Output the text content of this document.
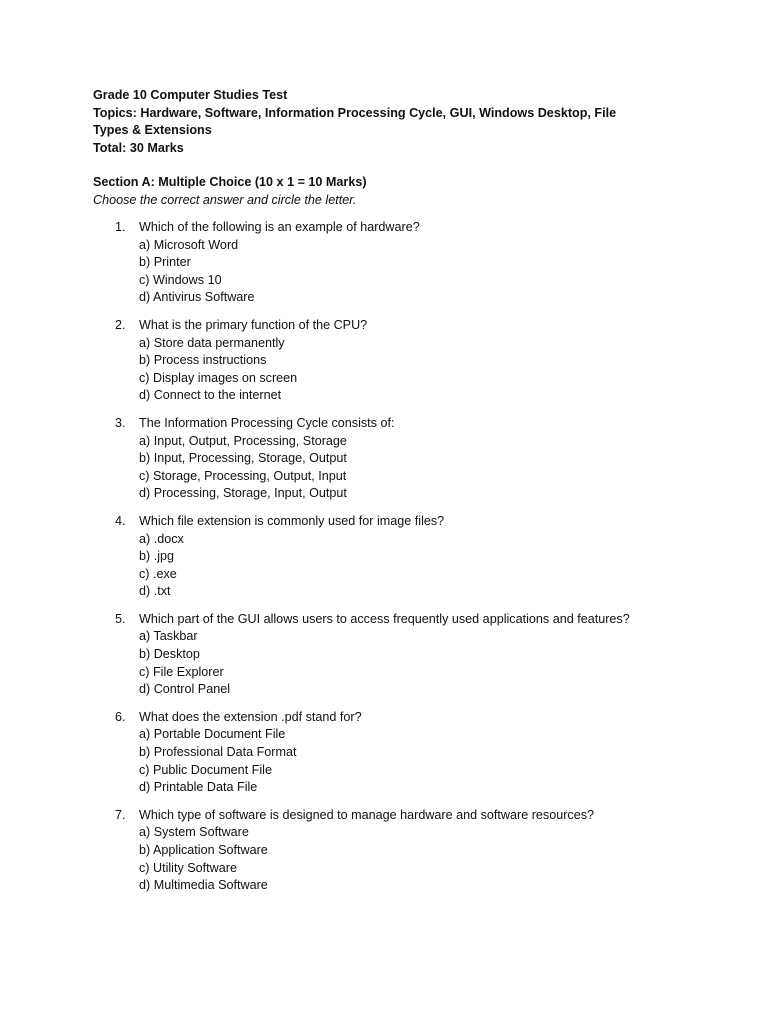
Grade 10 Computer Studies Test
Topics: Hardware, Software, Information Processing Cycle, GUI, Windows Desktop, File
Types & Extensions
Total: 30 Marks
Section A: Multiple Choice (10 x 1 = 10 Marks)
Choose the correct answer and circle the letter.
1. Which of the following is an example of hardware?
a) Microsoft Word
b) Printer
c) Windows 10
d) Antivirus Software
2. What is the primary function of the CPU?
a) Store data permanently
b) Process instructions
c) Display images on screen
d) Connect to the internet
3. The Information Processing Cycle consists of:
a) Input, Output, Processing, Storage
b) Input, Processing, Storage, Output
c) Storage, Processing, Output, Input
d) Processing, Storage, Input, Output
4. Which file extension is commonly used for image files?
a) .docx
b) .jpg
c) .exe
d) .txt
5. Which part of the GUI allows users to access frequently used applications and features?
a) Taskbar
b) Desktop
c) File Explorer
d) Control Panel
6. What does the extension .pdf stand for?
a) Portable Document File
b) Professional Data Format
c) Public Document File
d) Printable Data File
7. Which type of software is designed to manage hardware and software resources?
a) System Software
b) Application Software
c) Utility Software
d) Multimedia Software
